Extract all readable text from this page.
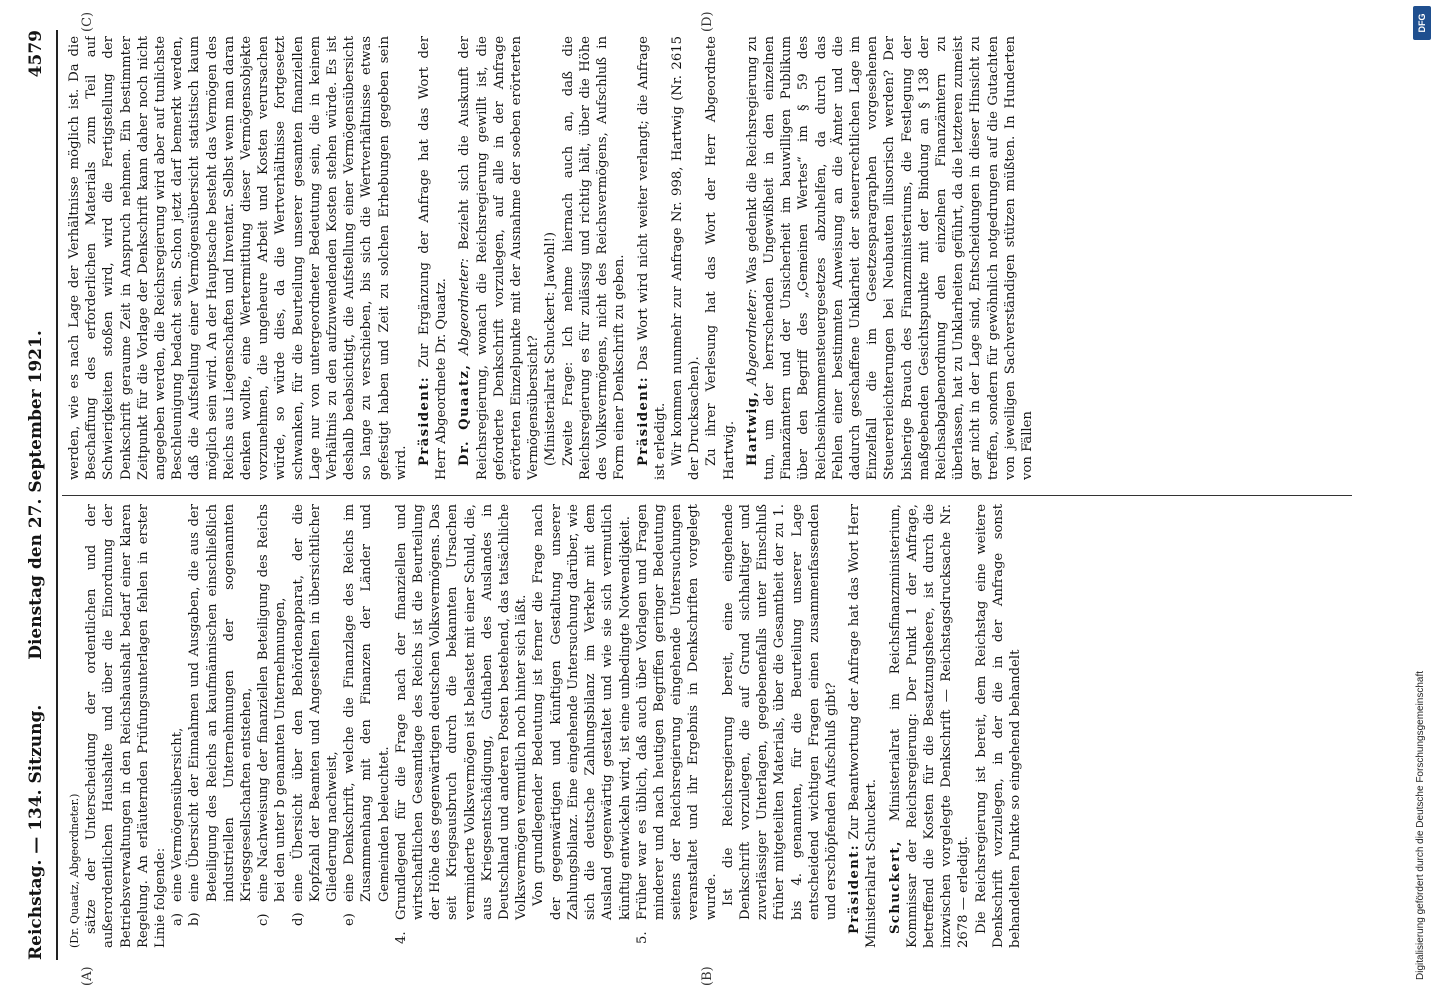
Reichstag. — 134. Sitzung.
Dienstag den 27. September 1921.
4579
(A)	(B)
(C)	(D)

(Dr. Quaatz, Abgeordneter.) sätze der Unterscheidung der ordentlichen und der außerordentlichen Haushalte und über die Einordnung der Betriebsverwaltungen in den Reichshaushalt bedarf einer klaren Regelung. An erläuternden Prüfungsunterlagen fehlen in erster Linie folgende: a)
eine Vermögensübersicht,

b)
eine Übersicht der Einnahmen und Ausgaben, die aus der Beteiligung des Reichs an kaufmännischen einschließlich industriellen Unternehmungen der sogenannten Kriegsgesellschaften entstehen,

c)
eine Nachweisung der finanziellen Beteiligung des Reichs bei den unter b genannten Unternehmungen,

d)
eine Übersicht über den Behördenapparat, der die Kopfzahl der Beamten und Angestellten in übersichtlicher Gliederung nachweist,

e)
eine Denkschrift, welche die Finanzlage des Reichs im Zusammenhang mit den Finanzen der Länder und Gemeinden beleuchtet.

4.
Grundlegend für die Frage nach der finanziellen und wirtschaftlichen Gesamtlage des Reichs ist die Beurteilung der Höhe des gegenwärtigen deutschen Volksvermögens. Das seit Kriegsausbruch durch die bekannten Ursachen verminderte Volksvermögen ist belastet mit einer Schuld, die, aus Kriegsentschädigung, Guthaben des Auslandes in Deutschland und anderen Posten bestehend, das tatsächliche Volksvermögen vermutlich noch hinter sich läßt. Von grundlegender Bedeutung ist ferner die Frage nach der gegenwärtigen und künftigen Gestaltung unserer Zahlungsbilanz. Eine eingehende Untersuchung darüber, wie sich die deutsche Zahlungsbilanz im Verkehr mit dem Ausland gegenwärtig gestaltet und wie sie sich vermutlich künftig entwickeln wird, ist eine unbedingte Notwendigkeit.

5.
Früher war es üblich, daß auch über Vorlagen und Fragen minderer und nach heutigen Begriffen geringer Bedeutung seitens der Reichsregierung eingehende Untersuchungen veranstaltet und ihr Ergebnis in Denkschriften vorgelegt wurde. Ist die Reichsregierung bereit, eine eingehende Denkschrift vorzulegen, die auf Grund sichhaltiger und zuverlässiger Unterlagen, gegebenenfalls unter Einschluß früher mitgeteilten Materials, über die Gesamtheit der zu 1. bis 4. genannten, für die Beurteilung unserer Lage entscheidend wichtigen Fragen einen zusammenfassenden und erschöpfenden Aufschluß gibt? Präsident: Zur Beantwortung der Anfrage hat das Wort Herr Ministerialrat Schuckert. Schuckert, Ministerialrat im Reichsfinanzministerium, Kommissar der Reichsregierung: Der Punkt 1 der Anfrage, betreffend die Kosten für die Besatzungsheere, ist durch die inzwischen vorgelegte Denkschrift — Reichstagsdrucksache Nr. 2678 — erledigt. Die Reichsregierung ist bereit, dem Reichstag eine weitere Denkschrift vorzulegen, in der die in der Anfrage sonst behandelten Punkte so eingehend behandelt

werden, wie es nach Lage der Verhältnisse möglich ist. Da die Beschaffung des erforderlichen Materials zum Teil auf Schwierigkeiten stoßen wird, wird die Fertigstellung der Denkschrift geraume Zeit in Anspruch nehmen. Ein bestimmter Zeitpunkt für die Vorlage der Denkschrift kann daher noch nicht angegeben werden, die Reichsregierung wird aber auf tunlichste Beschleunigung bedacht sein. Schon jetzt darf bemerkt werden, daß die Aufstellung einer Vermögensübersicht statistisch kaum möglich sein wird. An der Hauptsache besteht das Vermögen des Reichs aus Liegenschaften und Inventar. Selbst wenn man daran denken wollte, eine Wertermittlung dieser Vermögensobjekte vorzunehmen, die ungeheure Arbeit und Kosten verursachen würde, so würde dies, da die Wertverhältnisse fortgesetzt schwanken, für die Beurteilung unserer gesamten finanziellen Lage nur von untergeordneter Bedeutung sein, die in keinem Verhältnis zu den aufzuwendenden Kosten stehen würde. Es ist deshalb beabsichtigt, die Aufstellung einer Vermögensübersicht so lange zu verschieben, bis sich die Wertverhältnisse etwas gefestigt haben und Zeit zu solchen Erhebungen gegeben sein wird. Präsident: Zur Ergänzung der Anfrage hat das Wort der Herr Abgeordnete Dr. Quaatz. Dr. Quaatz, Abgeordneter: Bezieht sich die Auskunft der Reichsregierung, wonach die Reichsregierung gewillt ist, die geforderte Denkschrift vorzulegen, auf alle in der Anfrage erörterten Einzelpunkte mit der Ausnahme der soeben erörterten Vermögensübersicht? (Ministerialrat Schuckert: Jawohl!) Zweite Frage: Ich nehme hiernach auch an, daß die Reichsregierung es für zulässig und richtig hält, über die Höhe des Volksvermögens, nicht des Reichsvermögens, Aufschluß in Form einer Denkschrift zu geben. Präsident: Das Wort wird nicht weiter verlangt; die Anfrage ist erledigt. Wir kommen nunmehr zur Anfrage Nr. 998, Hartwig (Nr. 2615 der Drucksachen). Zu ihrer Verlesung hat das Wort der Herr Abgeordnete Hartwig. Hartwig, Abgeordneter: Was gedenkt die Reichsregierung zu tun, um der herrschenden Ungewißheit in den einzelnen Finanzämtern und der Unsicherheit im bauwilligen Publikum über den Begriff des „Gemeinen Wertes“ im § 59 des Reichseinkommensteuergesetzes abzuhelfen, da durch das Fehlen einer bestimmten Anweisung an die Ämter und die dadurch geschaffene Unklarheit der steuerrechtlichen Lage im Einzelfall die im Gesetzesparagraphen vorgesehenen Steuererleichterungen bei Neubauten illusorisch werden? Der bisherige Brauch des Finanzministeriums, die Festlegung der maßgebenden Gesichtspunkte mit der Bindung an § 138 der Reichsabgabenordnung den einzelnen Finanzämtern zu überlassen, hat zu Unklarheiten geführt, da die letzteren zumeist gar nicht in der Lage sind, Entscheidungen in dieser Hinsicht zu treffen, sondern für gewöhnlich notgedrungen auf die Gutachten von jeweiligen Sachverständigen stützen müßten. In Hunderten von Fällen

DFG
Digitalisierung gefördert durch die Deutsche Forschungsgemeinschaft
